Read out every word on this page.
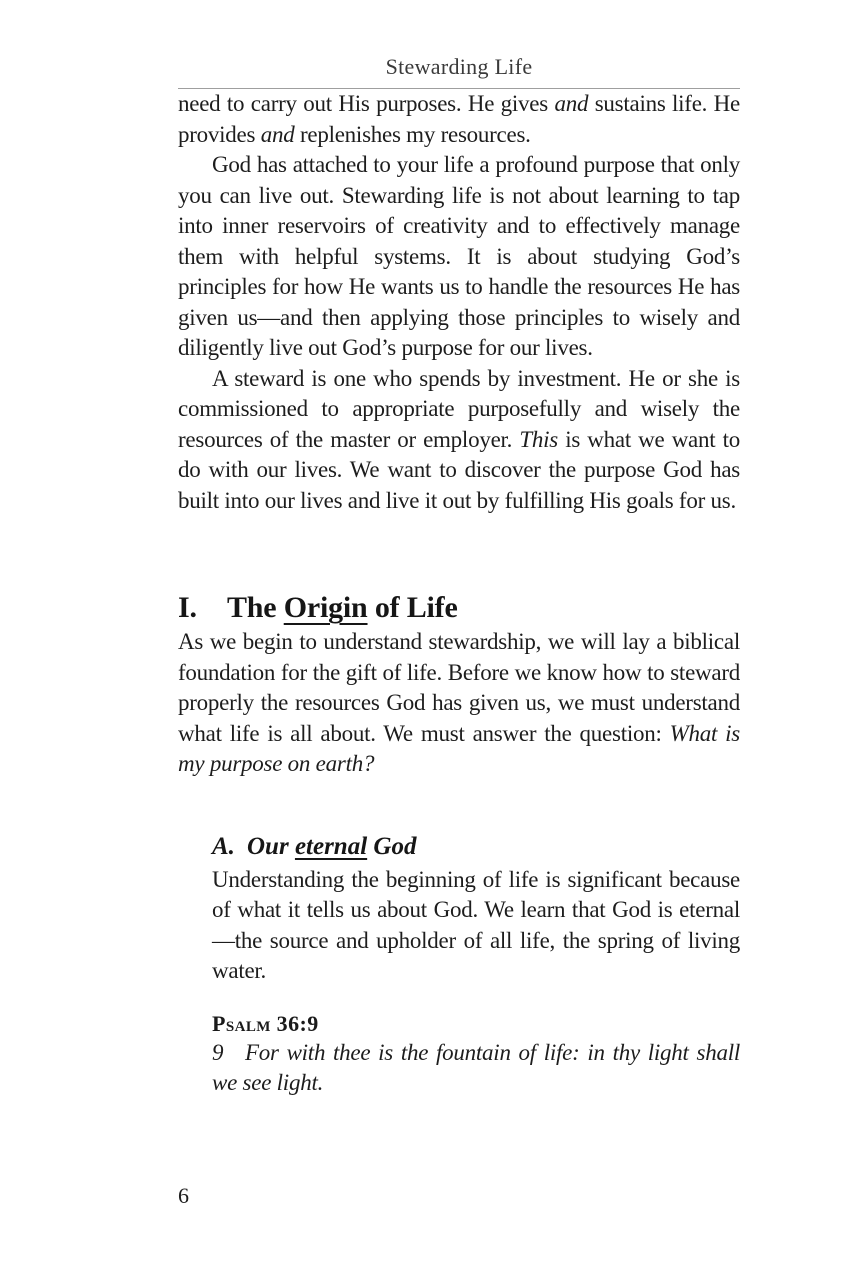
Stewarding Life

need to carry out His purposes. He gives and sustains life. He provides and replenishes my resources.

God has attached to your life a profound purpose that only you can live out. Stewarding life is not about learning to tap into inner reservoirs of creativity and to effectively manage them with helpful systems. It is about studying God’s principles for how He wants us to handle the resources He has given us—and then applying those principles to wisely and diligently live out God’s purpose for our lives.

A steward is one who spends by investment. He or she is commissioned to appropriate purposefully and wisely the resources of the master or employer. This is what we want to do with our lives. We want to discover the purpose God has built into our lives and live it out by fulfilling His goals for us.

I. The Origin of Life

As we begin to understand stewardship, we will lay a biblical foundation for the gift of life. Before we know how to steward properly the resources God has given us, we must understand what life is all about. We must answer the question: What is my purpose on earth?

A. Our eternal God

Understanding the beginning of life is significant because of what it tells us about God. We learn that God is eternal—the source and upholder of all life, the spring of living water.

Psalm 36:9

9 For with thee is the fountain of life: in thy light shall we see light.

6
